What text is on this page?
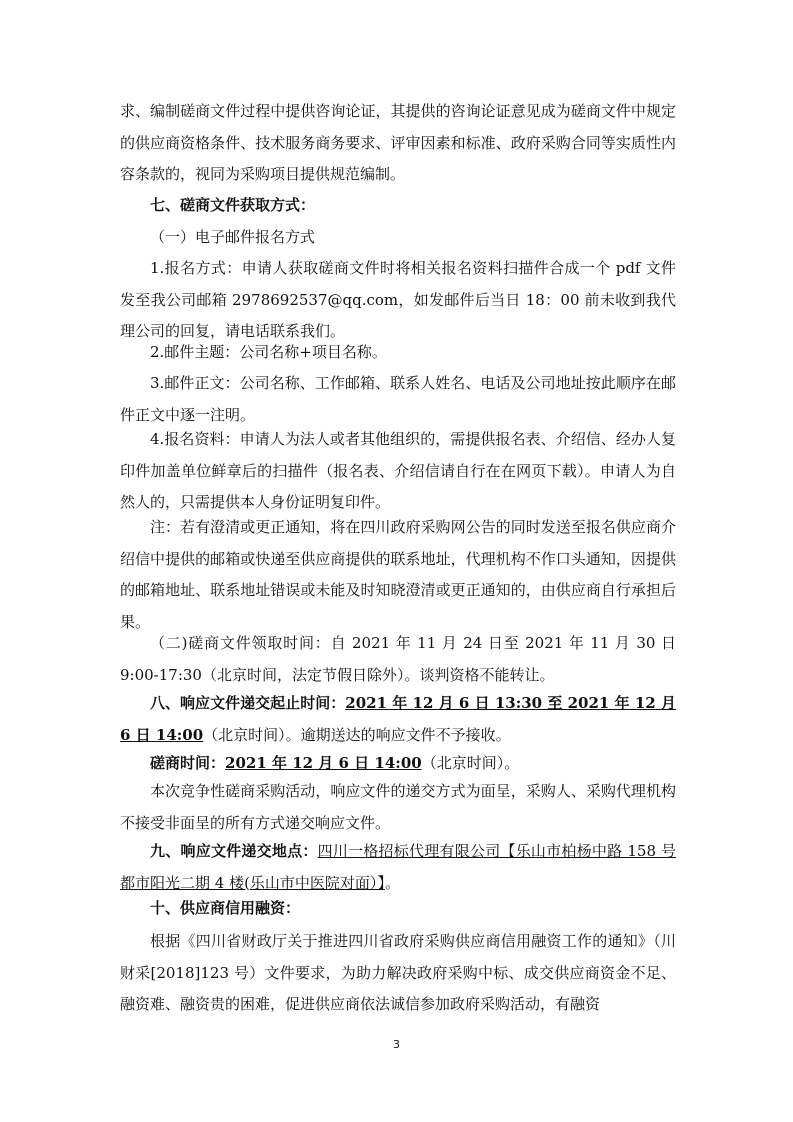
求、编制磋商文件过程中提供咨询论证，其提供的咨询论证意见成为磋商文件中规定的供应商资格条件、技术服务商务要求、评审因素和标准、政府采购合同等实质性内容条款的，视同为采购项目提供规范编制。

七、磋商文件获取方式：

（一）电子邮件报名方式

1.报名方式：申请人获取磋商文件时将相关报名资料扫描件合成一个 pdf 文件发至我公司邮箱 2978692537@qq.com，如发邮件后当日 18：00 前未收到我代理公司的回复，请电话联系我们。

2.邮件主题：公司名称+项目名称。

3.邮件正文：公司名称、工作邮箱、联系人姓名、电话及公司地址按此顺序在邮件正文中逐一注明。

4.报名资料：申请人为法人或者其他组织的，需提供报名表、介绍信、经办人复印件加盖单位鲜章后的扫描件（报名表、介绍信请自行在在网页下载）。申请人为自然人的，只需提供本人身份证明复印件。

注：若有澄清或更正通知，将在四川政府采购网公告的同时发送至报名供应商介绍信中提供的邮箱或快递至供应商提供的联系地址，代理机构不作口头通知，因提供的邮箱地址、联系地址错误或未能及时知晓澄清或更正通知的，由供应商自行承担后果。

（二)磋商文件领取时间：自 2021 年 11 月 24 日至 2021 年 11 月 30 日 9:00-17:30（北京时间，法定节假日除外）。谈判资格不能转让。

八、响应文件递交起止时间：2021 年 12 月 6 日 13:30 至 2021 年 12 月 6 日 14:00（北京时间）。逾期送达的响应文件不予接收。

磋商时间：2021 年 12 月 6 日 14:00（北京时间）。

本次竞争性磋商采购活动，响应文件的递交方式为面呈，采购人、采购代理机构不接受非面呈的所有方式递交响应文件。

九、响应文件递交地点：四川一格招标代理有限公司【乐山市柏杨中路 158 号都市阳光二期 4 楼(乐山市中医院对面）】。

十、供应商信用融资：

根据《四川省财政厅关于推进四川省政府采购供应商信用融资工作的通知》（川财采[2018]123 号）文件要求，为助力解决政府采购中标、成交供应商资金不足、融资难、融资贵的困难，促进供应商依法诚信参加政府采购活动，有融资

3
